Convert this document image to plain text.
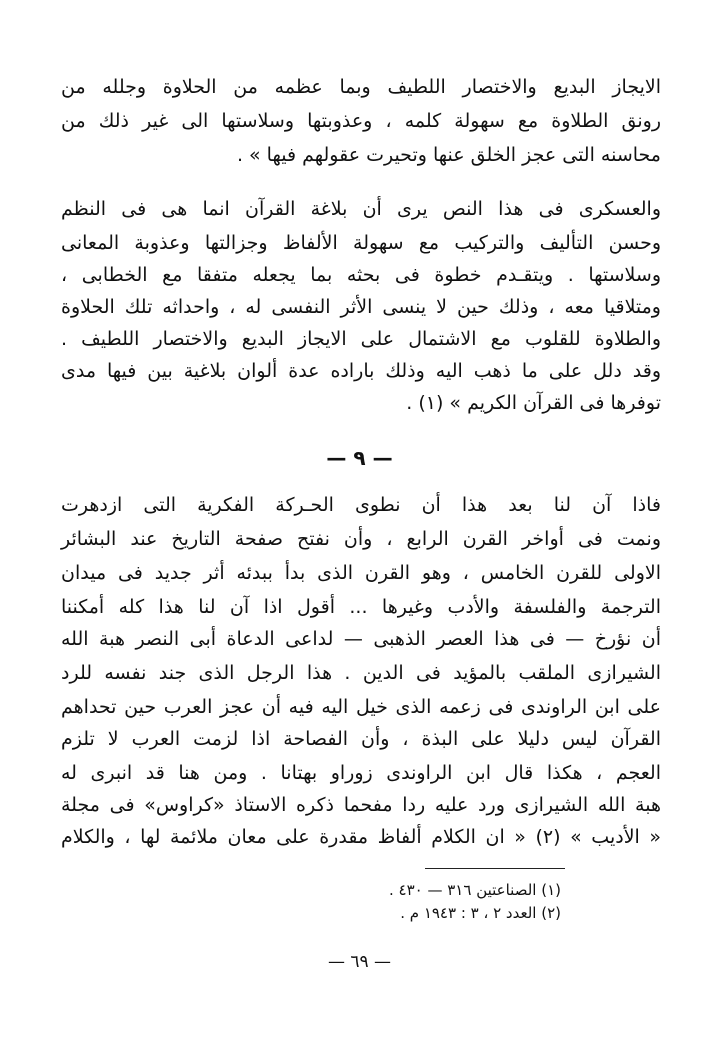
الايجاز البديع والاختصار اللطيف وبما عظمه من الحلاوة وجلله من
رونق الطلاوة مع سهولة كلمه ، وعذوبتها وسلاستها الى غير ذلك من
محاسنه التى عجز الخلق عنها وتحيرت عقولهم فيها » .
والعسكرى فى هذا النص يرى أن بلاغة القرآن انما هى فى النظم
وحسن التأليف والتركيب مع سهولة الألفاظ وجزالتها وعذوبة المعانى
وسلاستها . ويتقـدم خطوة فى بحثه بما يجعله متفقا مع الخطابى ،
ومتلاقيا معه ، وذلك حين لا ينسى الأثر النفسى له ، واحداثه تلك الحلاوة
والطلاوة للقلوب مع الاشتمال على الايجاز البديع والاختصار اللطيف .
وقد دلل على ما ذهب اليه وذلك باراده عدة ألوان بلاغية بين فيها مدى
توفرها فى القرآن الكريم » (١) .
— ٩ —
فاذا آن لنا بعد هذا أن نطوى الحـركة الفكرية التى ازدهرت
ونمت فى أواخر القرن الرابع ، وأن نفتح صفحة التاريخ عند البشائر
الاولى للقرن الخامس ، وهو القرن الذى بدأ ببدئه أثر جديد فى ميدان
الترجمة والفلسفة والأدب وغيرها ... أقول اذا آن لنا هذا كله أمكننا
أن نؤرخ — فى هذا العصر الذهبى — لداعى الدعاة أبى النصر هبة الله
الشيرازى الملقب بالمؤيد فى الدين . هذا الرجل الذى جند نفسه للرد
على ابن الراوندى فى زعمه الذى خيل اليه فيه أن عجز العرب حين تحداهم
القرآن ليس دليلا على البذة ، وأن الفصاحة اذا لزمت العرب لا تلزم
العجم ، هكذا قال ابن الراوندى زوراو بهتانا . ومن هنا قد انبرى له
هبة الله الشيرازى ورد عليه ردا مفحما ذكره الاستاذ «كراوس» فى مجلة
« الأديب » (٢) « ان الكلام ألفاظ مقدرة على معان ملائمة لها ، والكلام
(١) الصناعتين ٣١٦ — ٤٣٠ .
(٢) العدد ٢ ، ٣ : ١٩٤٣ م .
— ٦٩ —
